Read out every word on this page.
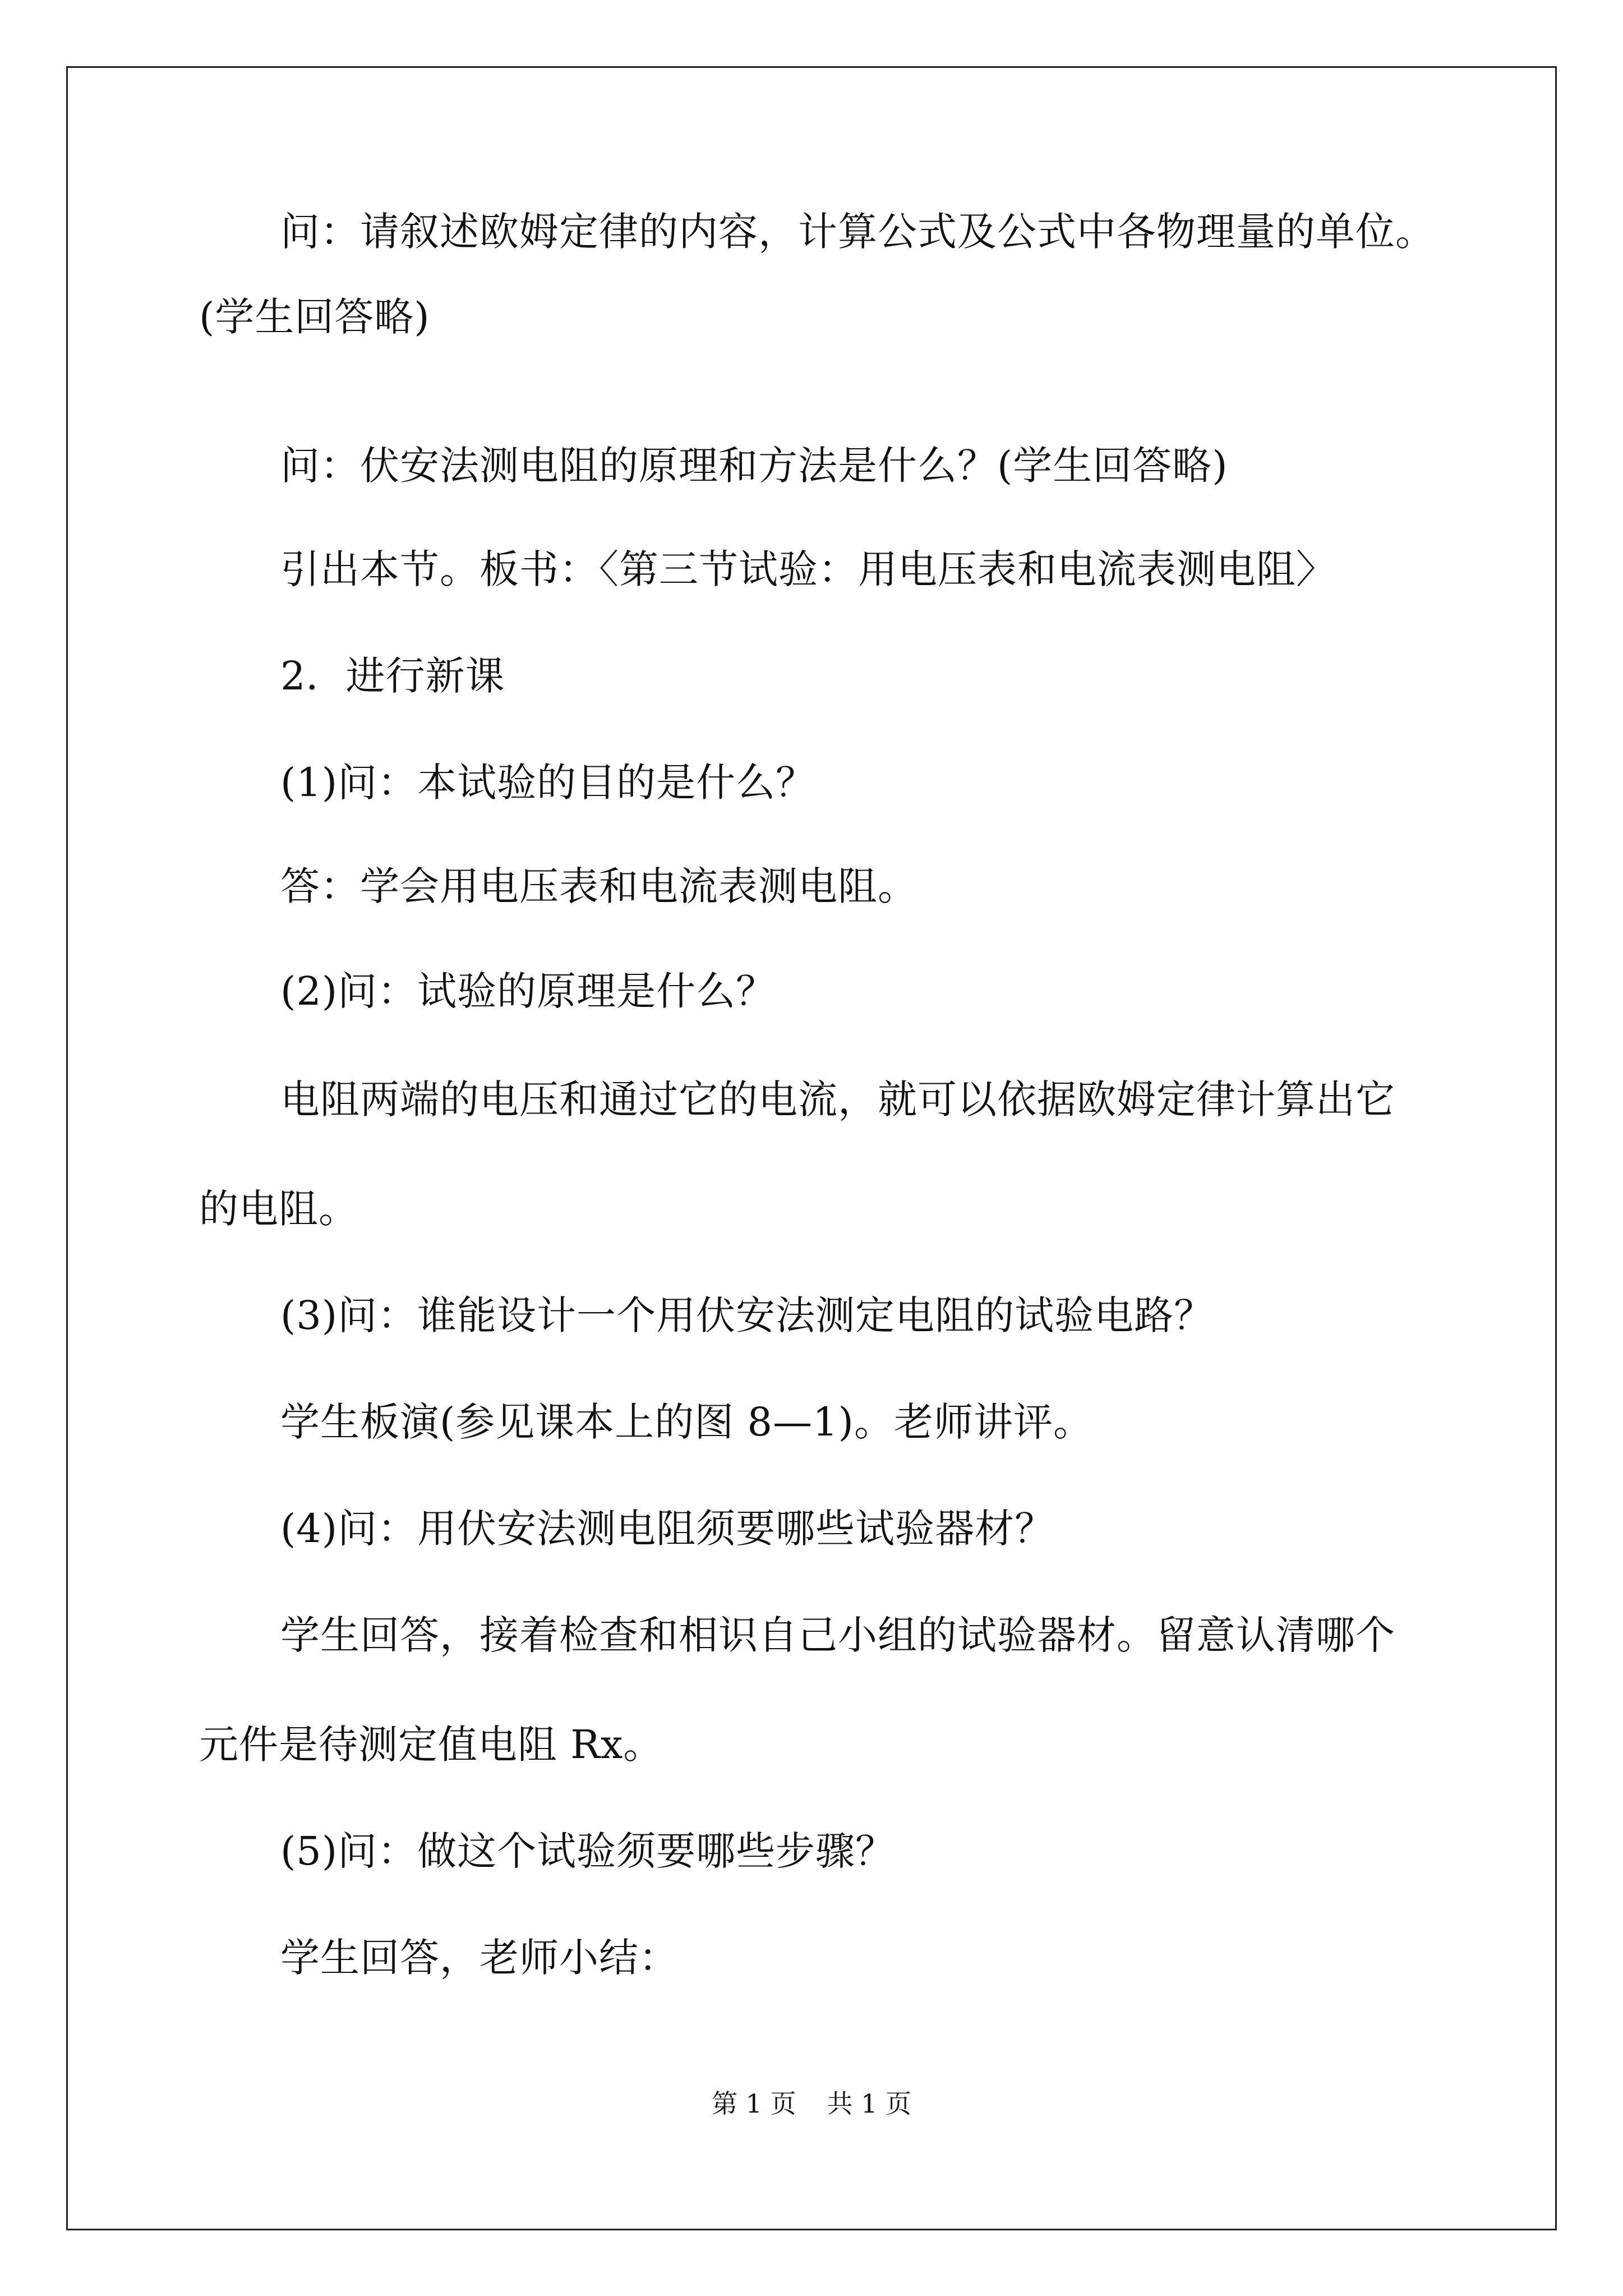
问：请叙述欧姆定律的内容，计算公式及公式中各物理量的单位。
(学生回答略)
问：伏安法测电阻的原理和方法是什么？(学生回答略)
引出本节。板书：〈第三节试验：用电压表和电流表测电阻〉
2．进行新课
(1)问：本试验的目的是什么？
答：学会用电压表和电流表测电阻。
(2)问：试验的原理是什么？
电阻两端的电压和通过它的电流，就可以依据欧姆定律计算出它
的电阻。
(3)问：谁能设计一个用伏安法测定电阻的试验电路？
学生板演(参见课本上的图 8—1)。老师讲评。
(4)问：用伏安法测电阻须要哪些试验器材？
学生回答，接着检查和相识自己小组的试验器材。留意认清哪个
元件是待测定值电阻 Rx。
(5)问：做这个试验须要哪些步骤？
学生回答，老师小结：
第 1 页 共 1 页
